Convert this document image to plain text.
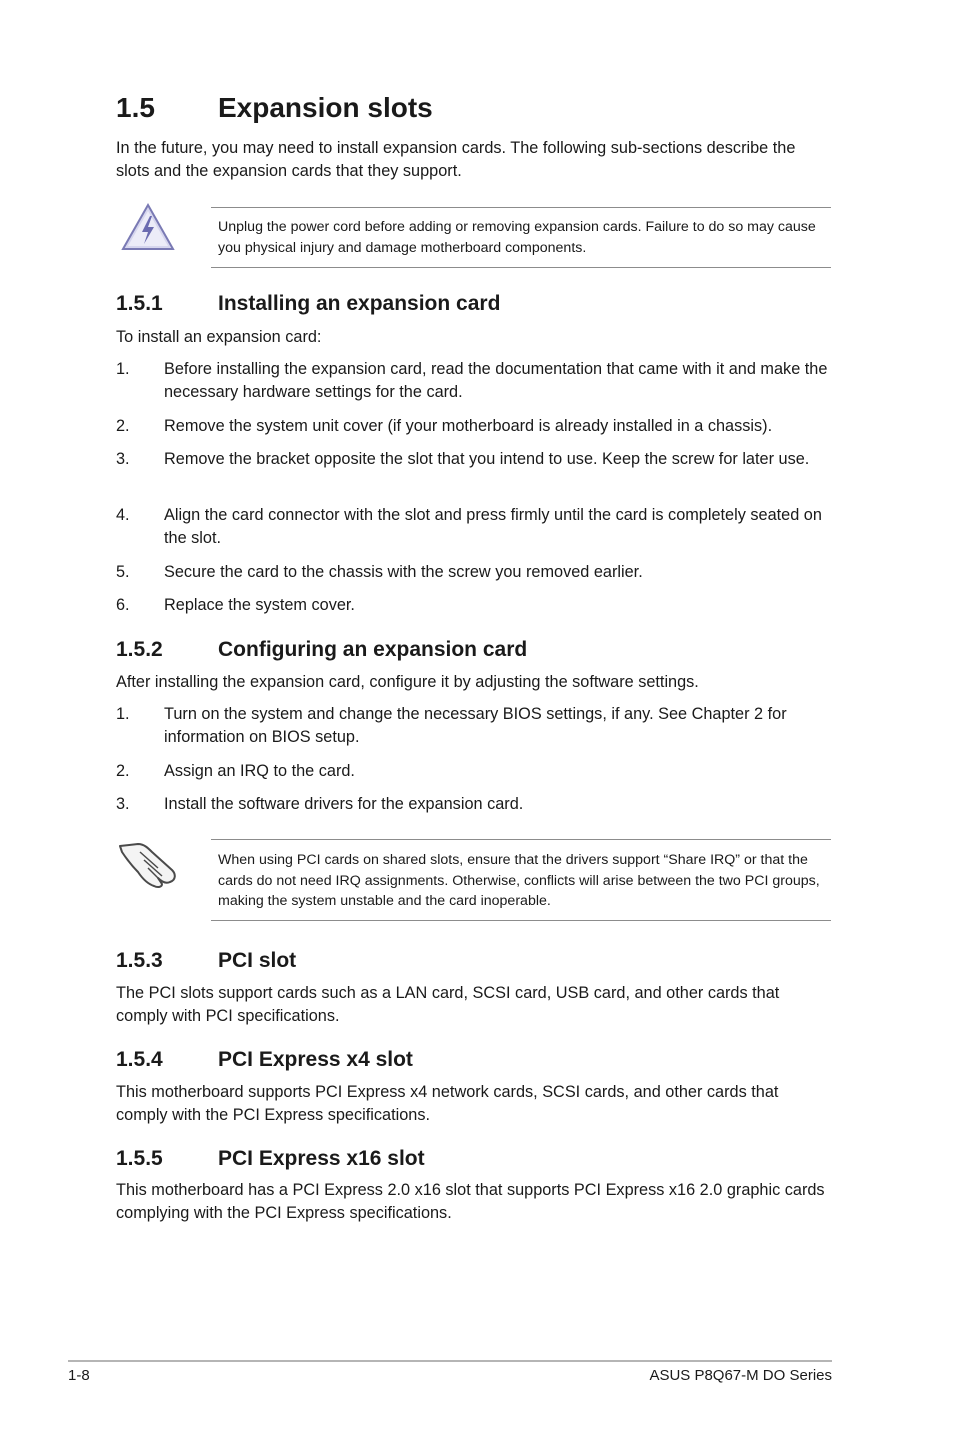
1.5 Expansion slots

In the future, you may need to install expansion cards. The following sub-sections describe the slots and the expansion cards that they support.

Unplug the power cord before adding or removing expansion cards. Failure to do so may cause you physical injury and damage motherboard components.

1.5.1	Installing an expansion card

To install an expansion card:

1. Before installing the expansion card, read the documentation that came with it and make the necessary hardware settings for the card.
2. Remove the system unit cover (if your motherboard is already installed in a chassis).
3. Remove the bracket opposite the slot that you intend to use. Keep the screw for later use.
4. Align the card connector with the slot and press firmly until the card is completely seated on the slot.
5. Secure the card to the chassis with the screw you removed earlier.
6. Replace the system cover.
1.5.2	Configuring an expansion card

After installing the expansion card, configure it by adjusting the software settings.

1. Turn on the system and change the necessary BIOS settings, if any. See Chapter 2 for information on BIOS setup.
2. Assign an IRQ to the card.
3. Install the software drivers for the expansion card.

When using PCI cards on shared slots, ensure that the drivers support “Share IRQ” or that the cards do not need IRQ assignments. Otherwise, conflicts will arise between the two PCI groups, making the system unstable and the card inoperable.

1.5.3	PCI slot

The PCI slots support cards such as a LAN card, SCSI card, USB card, and other cards that comply with PCI specifications.

1.5.4	PCI Express x4 slot

This motherboard supports PCI Express x4 network cards, SCSI cards, and other cards that comply with the PCI Express specifications.

1.5.5	PCI Express x16 slot

This motherboard has a PCI Express 2.0 x16 slot that supports PCI Express x16 2.0 graphic cards complying with the PCI Express specifications.

1-8	ASUS P8Q67-M DO Series
